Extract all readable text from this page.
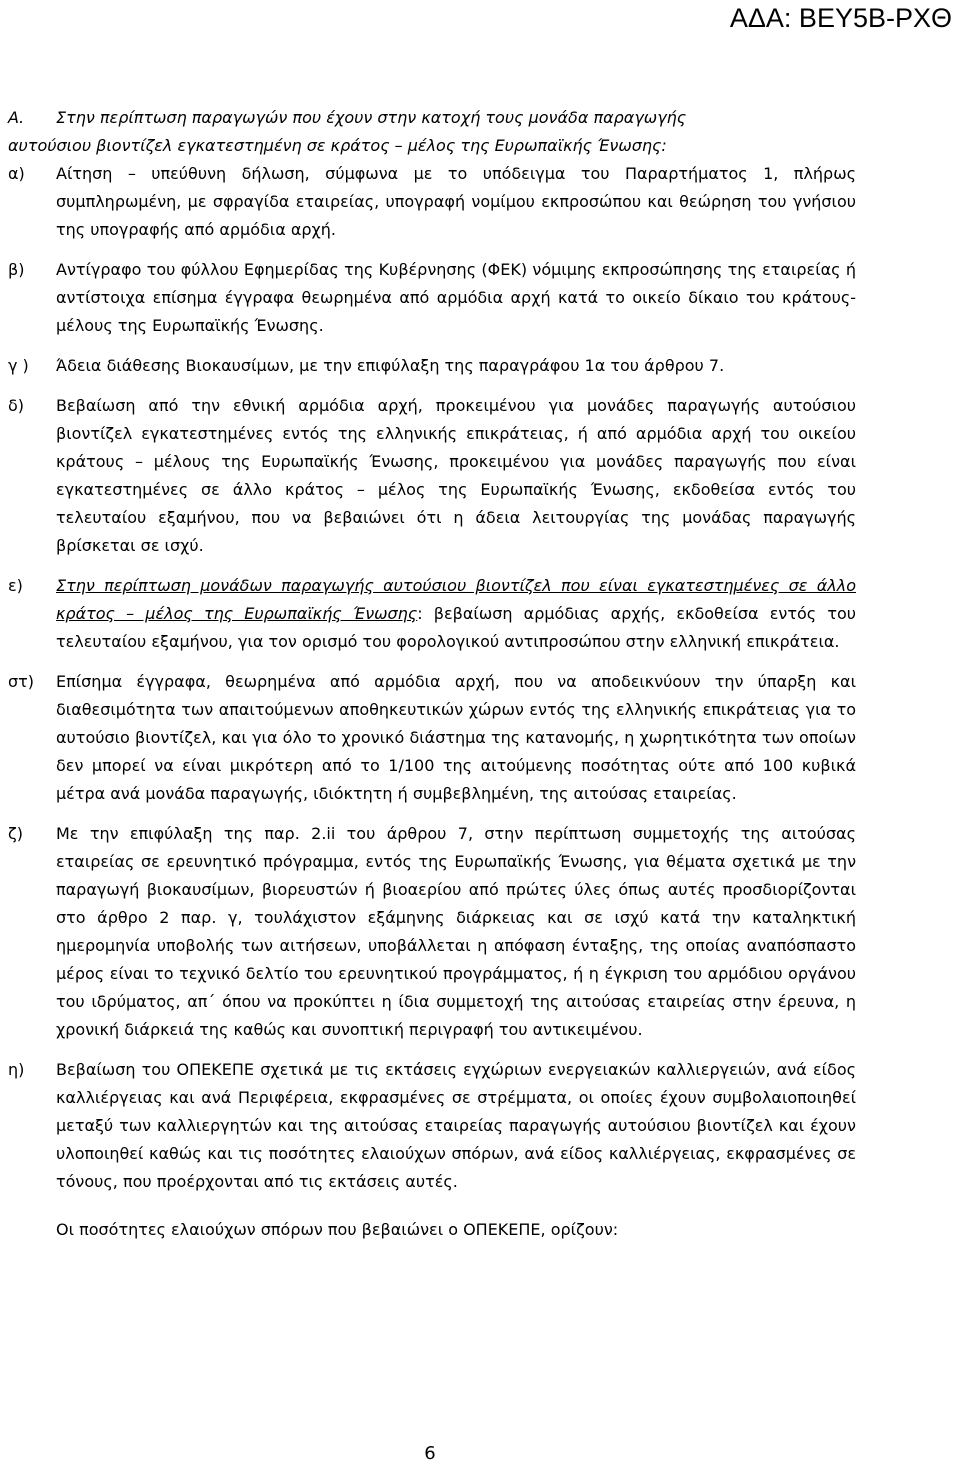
ΑΔΑ: ΒΕΥ5Β-ΡΧΘ

Α. Στην περίπτωση παραγωγών που έχουν στην κατοχή τους μονάδα παραγωγής
αυτούσιου βιοντίζελ εγκατεστημένη σε κράτος – μέλος της Ευρωπαϊκής Ένωσης:

α) Αίτηση – υπεύθυνη δήλωση, σύμφωνα με το υπόδειγμα του Παραρτήματος 1, πλήρως συμπληρωμένη, με σφραγίδα εταιρείας, υπογραφή νομίμου εκπροσώπου και θεώρηση του γνήσιου της υπογραφής από αρμόδια αρχή.
β) Αντίγραφο του φύλλου Εφημερίδας της Κυβέρνησης (ΦΕΚ) νόμιμης εκπροσώπησης της εταιρείας ή αντίστοιχα επίσημα έγγραφα θεωρημένα από αρμόδια αρχή κατά το οικείο δίκαιο του κράτους-μέλους της Ευρωπαϊκής Ένωσης.
γ ) Άδεια διάθεσης Βιοκαυσίμων, με την επιφύλαξη της παραγράφου 1α του άρθρου 7.
δ) Βεβαίωση από την εθνική αρμόδια αρχή, προκειμένου για μονάδες παραγωγής αυτούσιου βιοντίζελ εγκατεστημένες εντός της ελληνικής επικράτειας, ή από αρμόδια αρχή του οικείου κράτους – μέλους της Ευρωπαϊκής Ένωσης, προκειμένου για μονάδες παραγωγής που είναι εγκατεστημένες σε άλλο κράτος – μέλος της Ευρωπαϊκής Ένωσης, εκδοθείσα εντός του τελευταίου εξαμήνου, που να βεβαιώνει ότι η άδεια λειτουργίας της μονάδας παραγωγής βρίσκεται σε ισχύ.
ε) Στην περίπτωση μονάδων παραγωγής αυτούσιου βιοντίζελ που είναι εγκατεστημένες σε άλλο κράτος – μέλος της Ευρωπαϊκής Ένωσης: βεβαίωση αρμόδιας αρχής, εκδοθείσα εντός του τελευταίου εξαμήνου, για τον ορισμό του φορολογικού αντιπροσώπου στην ελληνική επικράτεια.
στ) Επίσημα έγγραφα, θεωρημένα από αρμόδια αρχή, που να αποδεικνύουν την ύπαρξη και διαθεσιμότητα των απαιτούμενων αποθηκευτικών χώρων εντός της ελληνικής επικράτειας για το αυτούσιο βιοντίζελ, και για όλο το χρονικό διάστημα της κατανομής, η χωρητικότητα των οποίων δεν μπορεί να είναι μικρότερη από το 1/100 της αιτούμενης ποσότητας ούτε από 100 κυβικά μέτρα ανά μονάδα παραγωγής, ιδιόκτητη ή συμβεβλημένη, της αιτούσας εταιρείας.
ζ) Με την επιφύλαξη της παρ. 2.ii του άρθρου 7, στην περίπτωση συμμετοχής της αιτούσας εταιρείας σε ερευνητικό πρόγραμμα, εντός της Ευρωπαϊκής Ένωσης, για θέματα σχετικά με την παραγωγή βιοκαυσίμων, βιορευστών ή βιοαερίου από πρώτες ύλες όπως αυτές προσδιορίζονται στο άρθρο 2 παρ. γ, τουλάχιστον εξάμηνης διάρκειας και σε ισχύ κατά την καταληκτική ημερομηνία υποβολής των αιτήσεων, υποβάλλεται η απόφαση ένταξης, της οποίας αναπόσπαστο μέρος είναι το τεχνικό δελτίο του ερευνητικού προγράμματος, ή η έγκριση του αρμόδιου οργάνου του ιδρύματος, απ΄ όπου να προκύπτει η ίδια συμμετοχή της αιτούσας εταιρείας στην έρευνα, η χρονική διάρκειά της καθώς και συνοπτική περιγραφή του αντικειμένου.
η) Βεβαίωση του ΟΠΕΚΕΠΕ σχετικά με τις εκτάσεις εγχώριων ενεργειακών καλλιεργειών, ανά είδος καλλιέργειας και ανά Περιφέρεια, εκφρασμένες σε στρέμματα, οι οποίες έχουν συμβολαιοποιηθεί μεταξύ των καλλιεργητών και της αιτούσας εταιρείας παραγωγής αυτούσιου βιοντίζελ και έχουν υλοποιηθεί καθώς και τις ποσότητες ελαιούχων σπόρων, ανά είδος καλλιέργειας, εκφρασμένες σε τόνους, που προέρχονται από τις εκτάσεις αυτές.
Οι ποσότητες ελαιούχων σπόρων που βεβαιώνει ο ΟΠΕΚΕΠΕ, ορίζουν:
6
